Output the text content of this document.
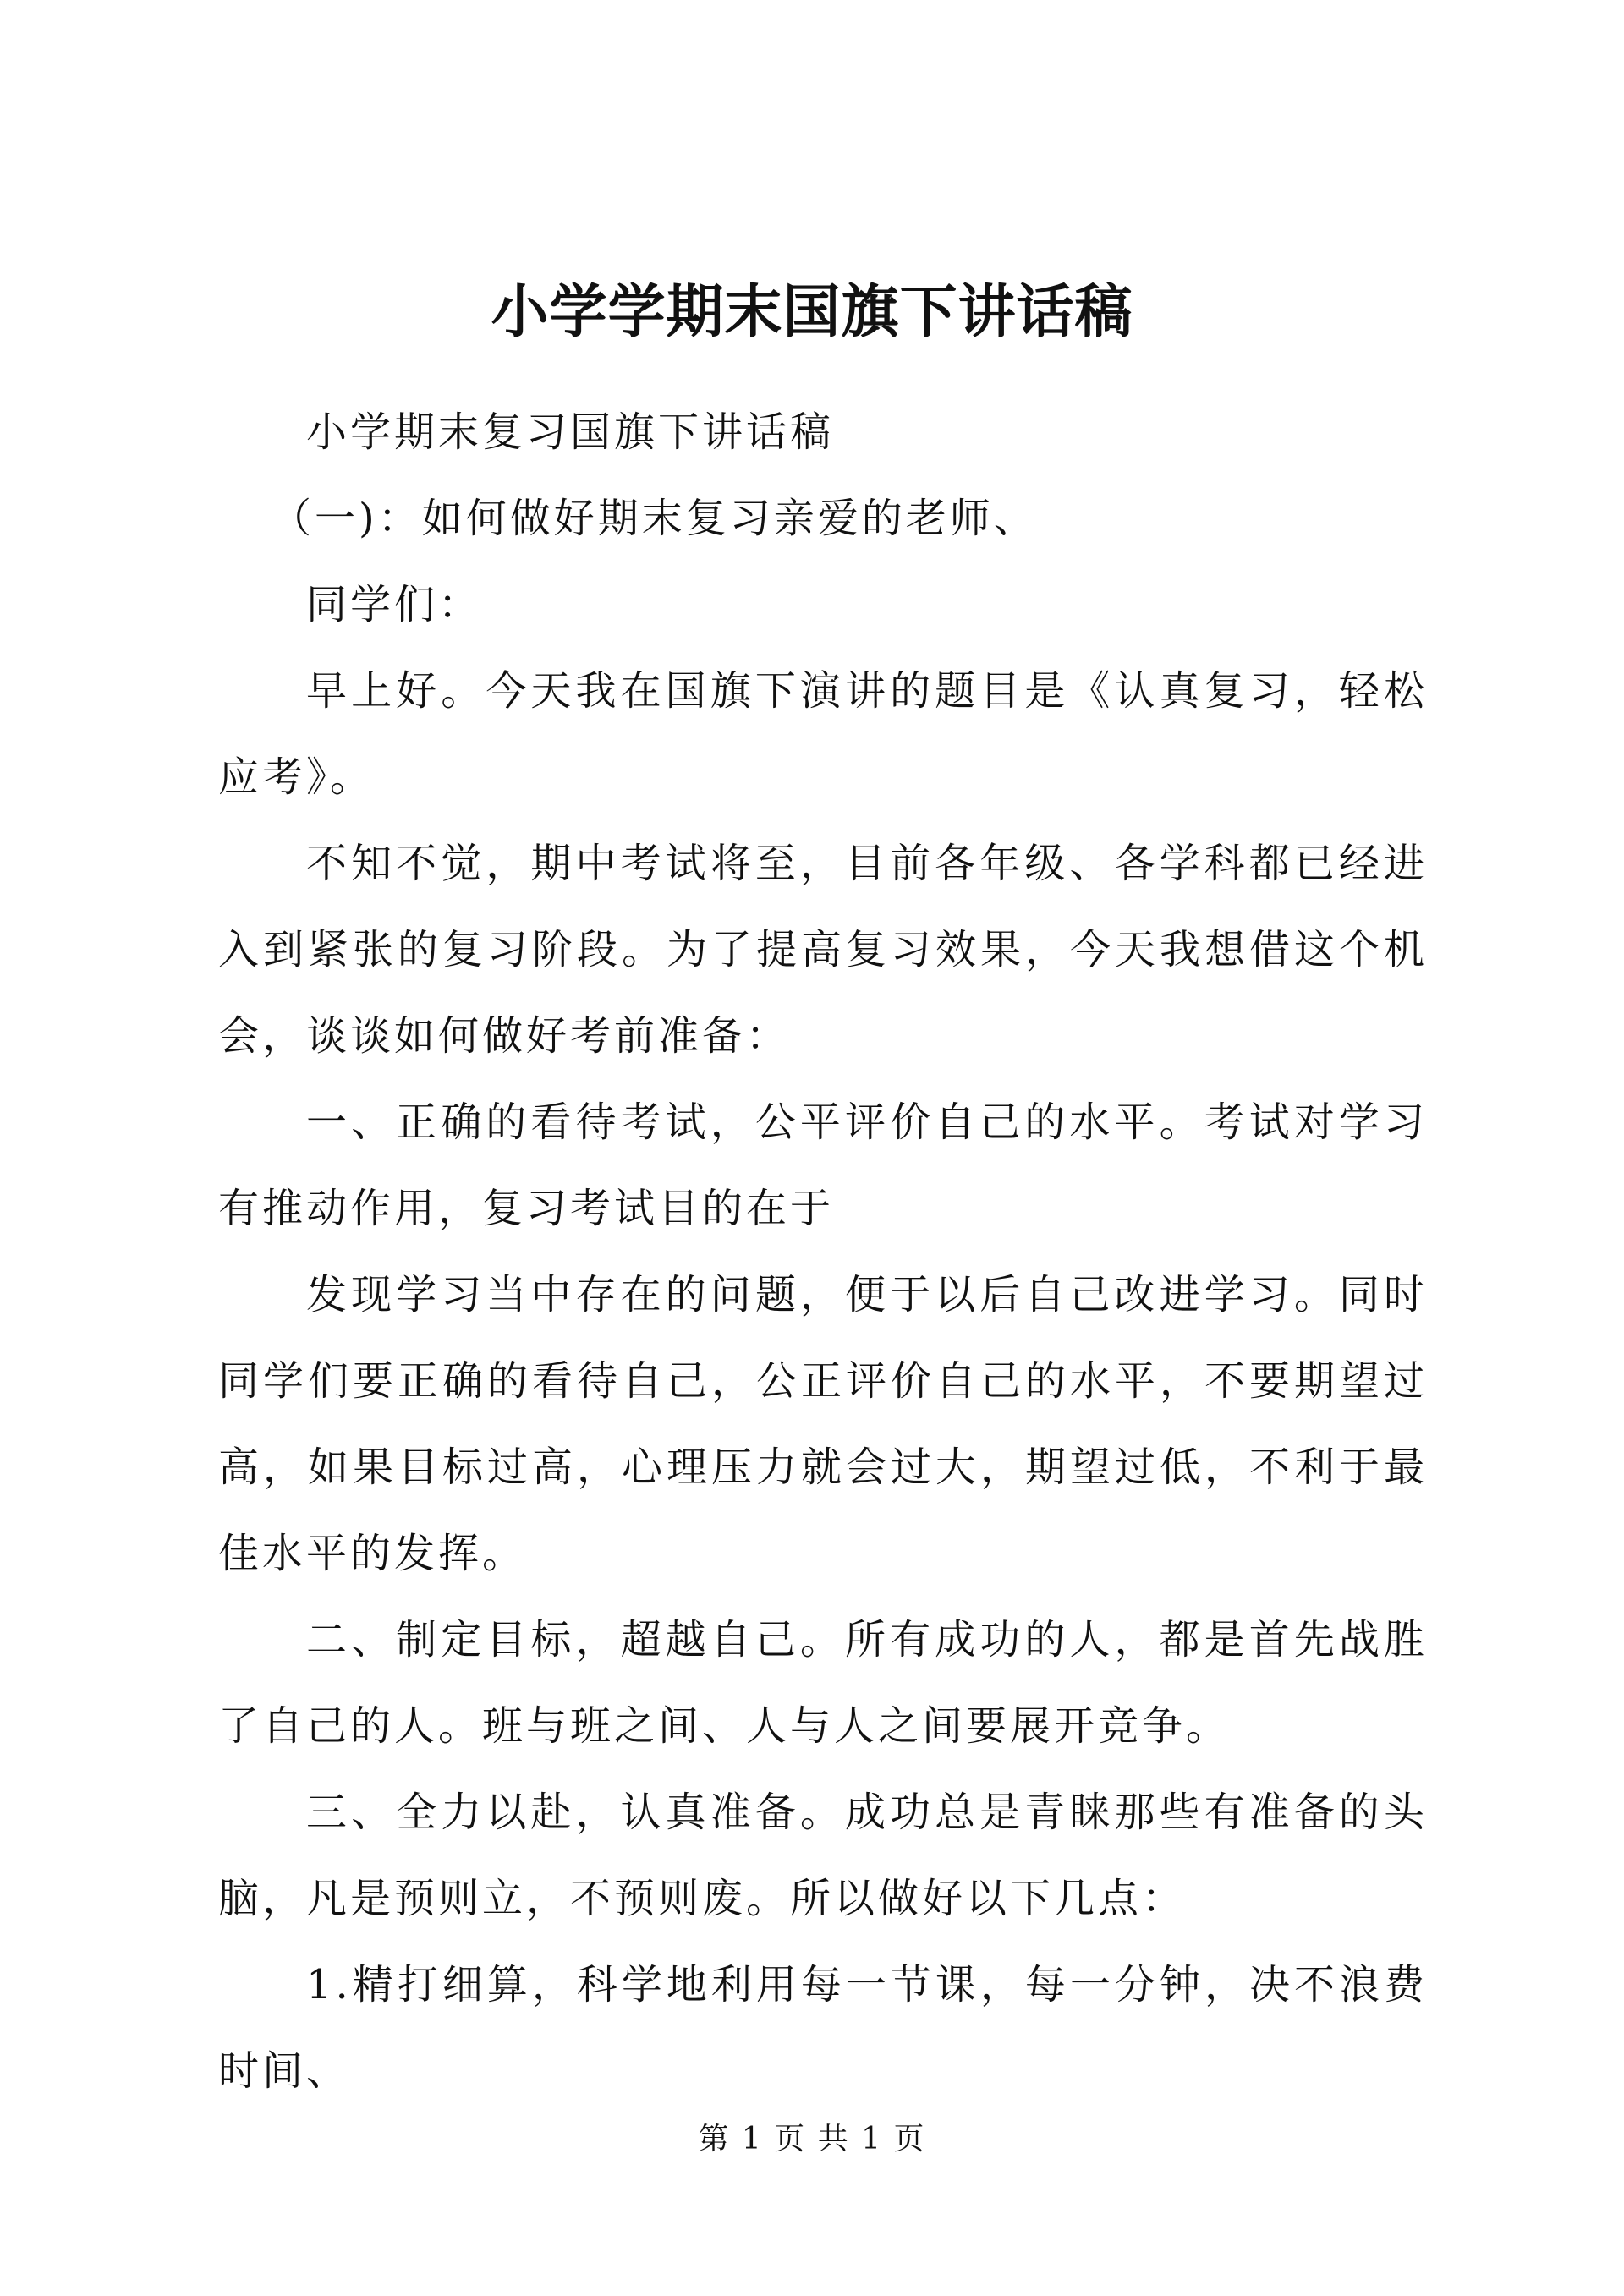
小学学期末国旗下讲话稿

小学期末复习国旗下讲话稿

（一)：如何做好期末复习亲爱的老师、

同学们：

早上好。今天我在国旗下演讲的题目是《认真复习，轻松应考》。

不知不觉，期中考试将至，目前各年级、各学科都已经进入到紧张的复习阶段。为了提高复习效果，今天我想借这个机会，谈谈如何做好考前准备：

一、正确的看待考试，公平评价自己的水平。考试对学习有推动作用，复习考试目的在于

发现学习当中存在的问题，便于以后自己改进学习。同时同学们要正确的看待自己，公正评价自己的水平，不要期望过高，如果目标过高，心理压力就会过大，期望过低，不利于最佳水平的发挥。

二、制定目标，超越自己。所有成功的人，都是首先战胜了自己的人。班与班之间、人与人之间要展开竞争。

三、全力以赴，认真准备。成功总是青睐那些有准备的头脑，凡是预则立，不预则废。所以做好以下几点：

1.精打细算，科学地利用每一节课，每一分钟，决不浪费时间、

第 1 页 共 1 页
